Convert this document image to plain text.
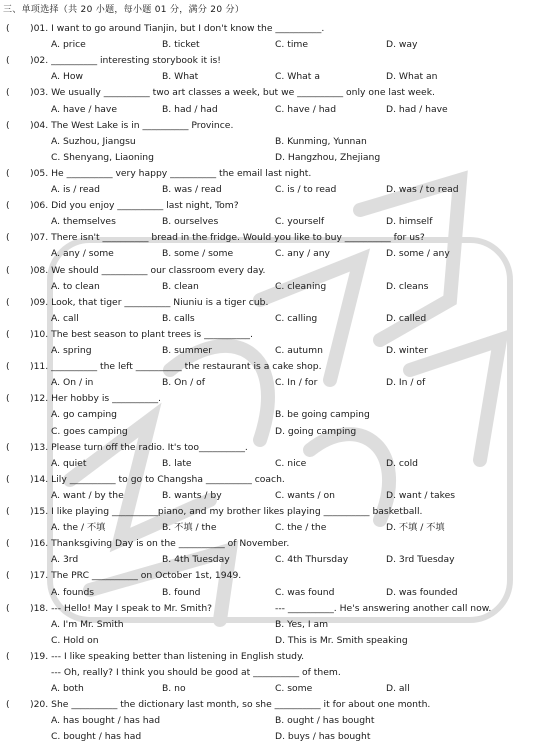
三、单项选择（共 20 小题，每小题 01 分，满分 20 分）
( )01. I want to go around Tianjin, but I don't know the __________.
A. price	B. ticket	C. time	D. way
( )02. __________ interesting storybook it is!
A. How	B. What	C. What a	D. What an
( )03. We usually __________ two art classes a week, but we __________ only one last week.
A. have / have	B. had / had	C. have / had	D. had / have
( )04. The West Lake is in __________ Province.
A. Suzhou, Jiangsu	B. Kunming, Yunnan
C. Shenyang, Liaoning	D. Hangzhou, Zhejiang
( )05. He __________ very happy __________ the email last night.
A. is / read	B. was / read	C. is / to read	D. was / to read
( )06. Did you enjoy __________ last night, Tom?
A. themselves	B. ourselves	C. yourself	D. himself
( )07. There isn't __________ bread in the fridge. Would you like to buy __________ for us?
A. any / some	B. some / some	C. any / any	D. some / any
( )08. We should __________ our classroom every day.
A. to clean	B. clean	C. cleaning	D. cleans
( )09. Look, that tiger __________ Niuniu is a tiger cub.
A. call	B. calls	C. calling	D. called
( )10. The best season to plant trees is __________.
A. spring	B. summer	C. autumn	D. winter
( )11. __________ the left __________ the restaurant is a cake shop.
A. On / in	B. On / of	C. In / for	D. In / of
( )12. Her hobby is __________.
A. go camping	B. be going camping
C. goes camping	D. going camping
( )13. Please turn off the radio. It's too__________.
A. quiet	B. late	C. nice	D. cold
( )14. Lily __________ to go to Changsha __________ coach.
A. want / by the	B. wants / by	C. wants / on	D. want / takes
( )15. I like playing __________piano, and my brother likes playing __________ basketball.
A. the / 不填	B. 不填 / the	C. the / the	D. 不填 / 不填
( )16. Thanksgiving Day is on the __________ of November.
A. 3rd	B. 4th Tuesday	C. 4th Thursday	D. 3rd Tuesday
( )17. The PRC __________ on October 1st, 1949.
A. founds	B. found	C. was found	D. was founded
( )18. --- Hello! May I speak to Mr. Smith?	--- __________. He's answering another call now.
A. I'm Mr. Smith	B. Yes, I am
C. Hold on	D. This is Mr. Smith speaking
( )19. --- I like speaking better than listening in English study.
--- Oh, really? I think you should be good at __________ of them.
A. both	B. no	C. some	D. all
( )20. She __________ the dictionary last month, so she __________ it for about one month.
A. has bought / has had	B. ought / has bought
C. bought / has had	D. buys / has bought
